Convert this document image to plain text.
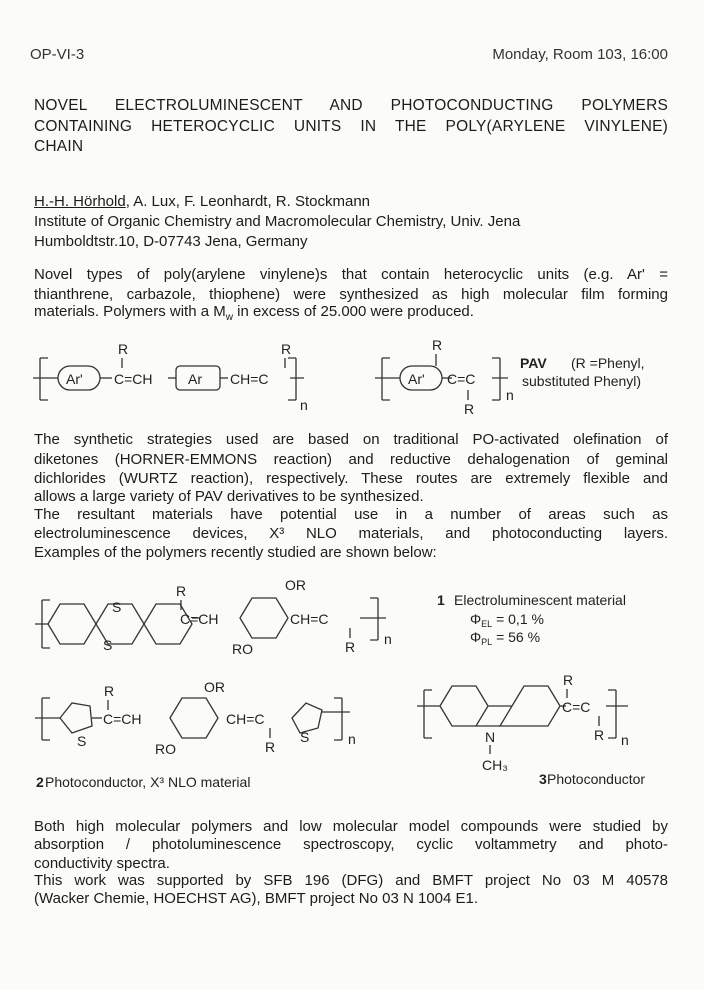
OP-VI-3	Monday, Room 103, 16:00
NOVEL ELECTROLUMINESCENT AND PHOTOCONDUCTING POLYMERS
CONTAINING HETEROCYCLIC UNITS IN THE POLY(ARYLENE VINYLENE)
CHAIN
H.-H. Hörhold, A. Lux, F. Leonhardt, R. Stockmann
Institute of Organic Chemistry and Macromolecular Chemistry, Univ. Jena
Humboldtstr.10, D-07743 Jena, Germany
Novel types of poly(arylene vinylene)s that contain heterocyclic units (e.g. Ar' =
thianthrene, carbazole, thiophene) were synthesized as high molecular film forming
materials. Polymers with a $M_w$ in excess of 25.000 were produced.
The synthetic strategies used are based on traditional PO-activated olefination of
diketones (HORNER-EMMONS reaction) and reductive dehalogenation of geminal
dichlorides (WURTZ reaction), respectively. These routes are extremely flexible and
allows a large variety of PAV derivatives to be synthesized.
The resultant materials have potential use in a number of areas such as
electroluminescence devices, X³ NLO materials, and photoconducting layers.
Examples of the polymers recently studied are shown below:
Both high molecular polymers and low molecular model compounds were studied by
absorption / photoluminescence spectroscopy, cyclic voltammetry and photo-
conductivity spectra.
This work was supported by SFB 196 (DFG) and BMFT project No 03 M 40578
(Wacker Chemie, HOECHST AG), BMFT project No 03 N 1004 E1.
Ar'
R
C=CH	Ar CH=C
R
n
Ar'
R
C=C
R
n
PAV (R =Phenyl,
substituted Phenyl)
S
S
R
C=CH
OR
RO
CH=C
R n
1 Electroluminescent material
$\Phi_{EL} = 0,1$ %
$\Phi_{PL} = 56$ %
S
R
C=CH
OR
RO
CH=C
R
S	n
2 Photoconductor, X³ NLO material
N
CH₃
R
C=C
R n
3 Photoconductor
